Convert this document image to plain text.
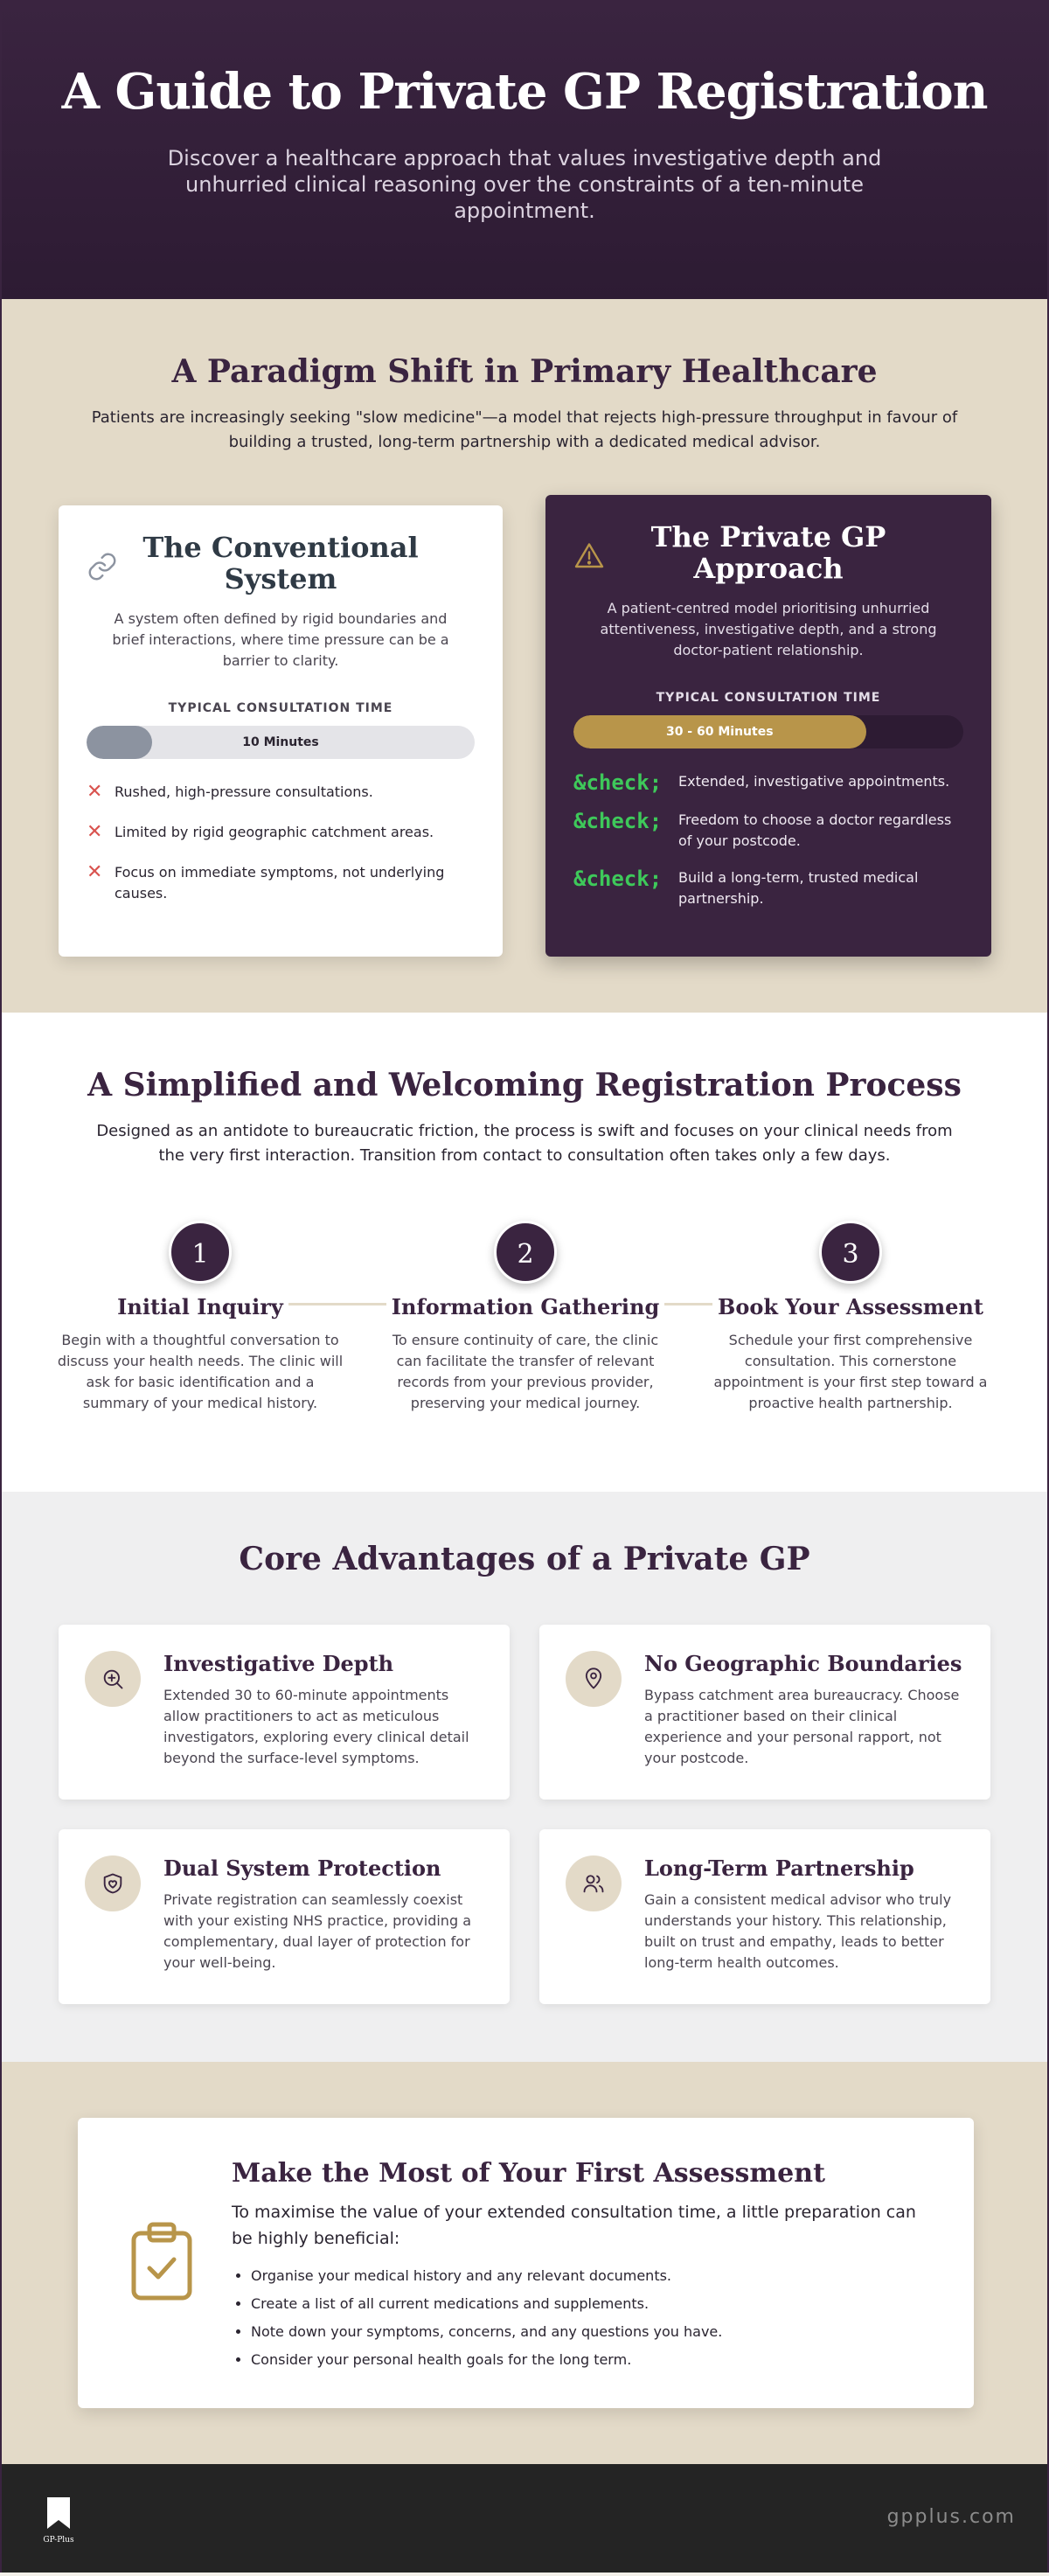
A Guide to Private GP Registration

Discover a healthcare approach that values investigative depth and unhurried clinical reasoning over the constraints of a ten-minute appointment.

A Paradigm Shift in Primary Healthcare

Patients are increasingly seeking "slow medicine"—a model that rejects high-pressure throughput in favour of building a trusted, long-term partnership with a dedicated medical advisor.

The Conventional System

A system often defined by rigid boundaries and brief interactions, where time pressure can be a barrier to clarity.

TYPICAL CONSULTATION TIME
10 Minutes
✕ Rushed, high-pressure consultations.
✕ Limited by rigid geographic catchment areas.
✕ Focus on immediate symptoms, not underlying causes.
The Private GP Approach

A patient-centred model prioritising unhurried attentiveness, investigative depth, and a strong doctor-patient relationship.

TYPICAL CONSULTATION TIME
30 - 60 Minutes
&check;	Extended, investigative appointments.
&check;	Freedom to choose a doctor regardless of your postcode.
&check;	Build a long-term, trusted medical partnership.
A Simplified and Welcoming Registration Process

Designed as an antidote to bureaucratic friction, the process is swift and focuses on your clinical needs from the very first interaction. Transition from contact to consultation often takes only a few days.

1
Initial Inquiry

Begin with a thoughtful conversation to discuss your health needs. The clinic will ask for basic identification and a summary of your medical history.

2
Information Gathering

To ensure continuity of care, the clinic can facilitate the transfer of relevant records from your previous provider, preserving your medical journey.

3
Book Your Assessment

Schedule your first comprehensive consultation. This cornerstone appointment is your first step toward a proactive health partnership.

Core Advantages of a Private GP
Investigative Depth

Extended 30 to 60-minute appointments allow practitioners to act as meticulous investigators, exploring every clinical detail beyond the surface-level symptoms.

No Geographic Boundaries

Bypass catchment area bureaucracy. Choose a practitioner based on their clinical experience and your personal rapport, not your postcode.

Dual System Protection

Private registration can seamlessly coexist with your existing NHS practice, providing a complementary, dual layer of protection for your well-being.

Long-Term Partnership

Gain a consistent medical advisor who truly understands your history. This relationship, built on trust and empathy, leads to better long-term health outcomes.

Make the Most of Your First Assessment

To maximise the value of your extended consultation time, a little preparation can be highly beneficial:

• Organise your medical history and any relevant documents.
• Create a list of all current medications and supplements.
• Note down your symptoms, concerns, and any questions you have.
• Consider your personal health goals for the long term.
GP-Plus
gpplus.com
